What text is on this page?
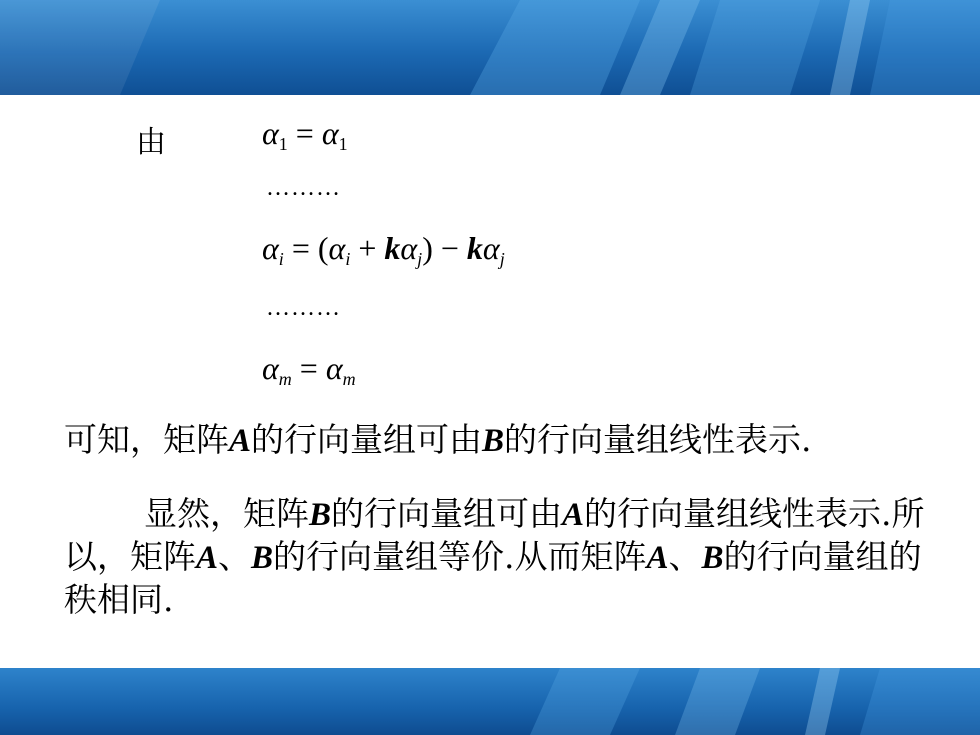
由	$\alpha_1 = \alpha_1$
………
$\alpha_i = (\alpha_i + k\alpha_j) - k\alpha_j$
………
$\alpha_m = \alpha_m$
可知，矩阵A的行向量组可由B的行向量组线性表示.
显然，矩阵B的行向量组可由A的行向量组线性表示.所以，矩阵A、B的行向量组等价.从而矩阵A、B的行向量组的秩相同.
